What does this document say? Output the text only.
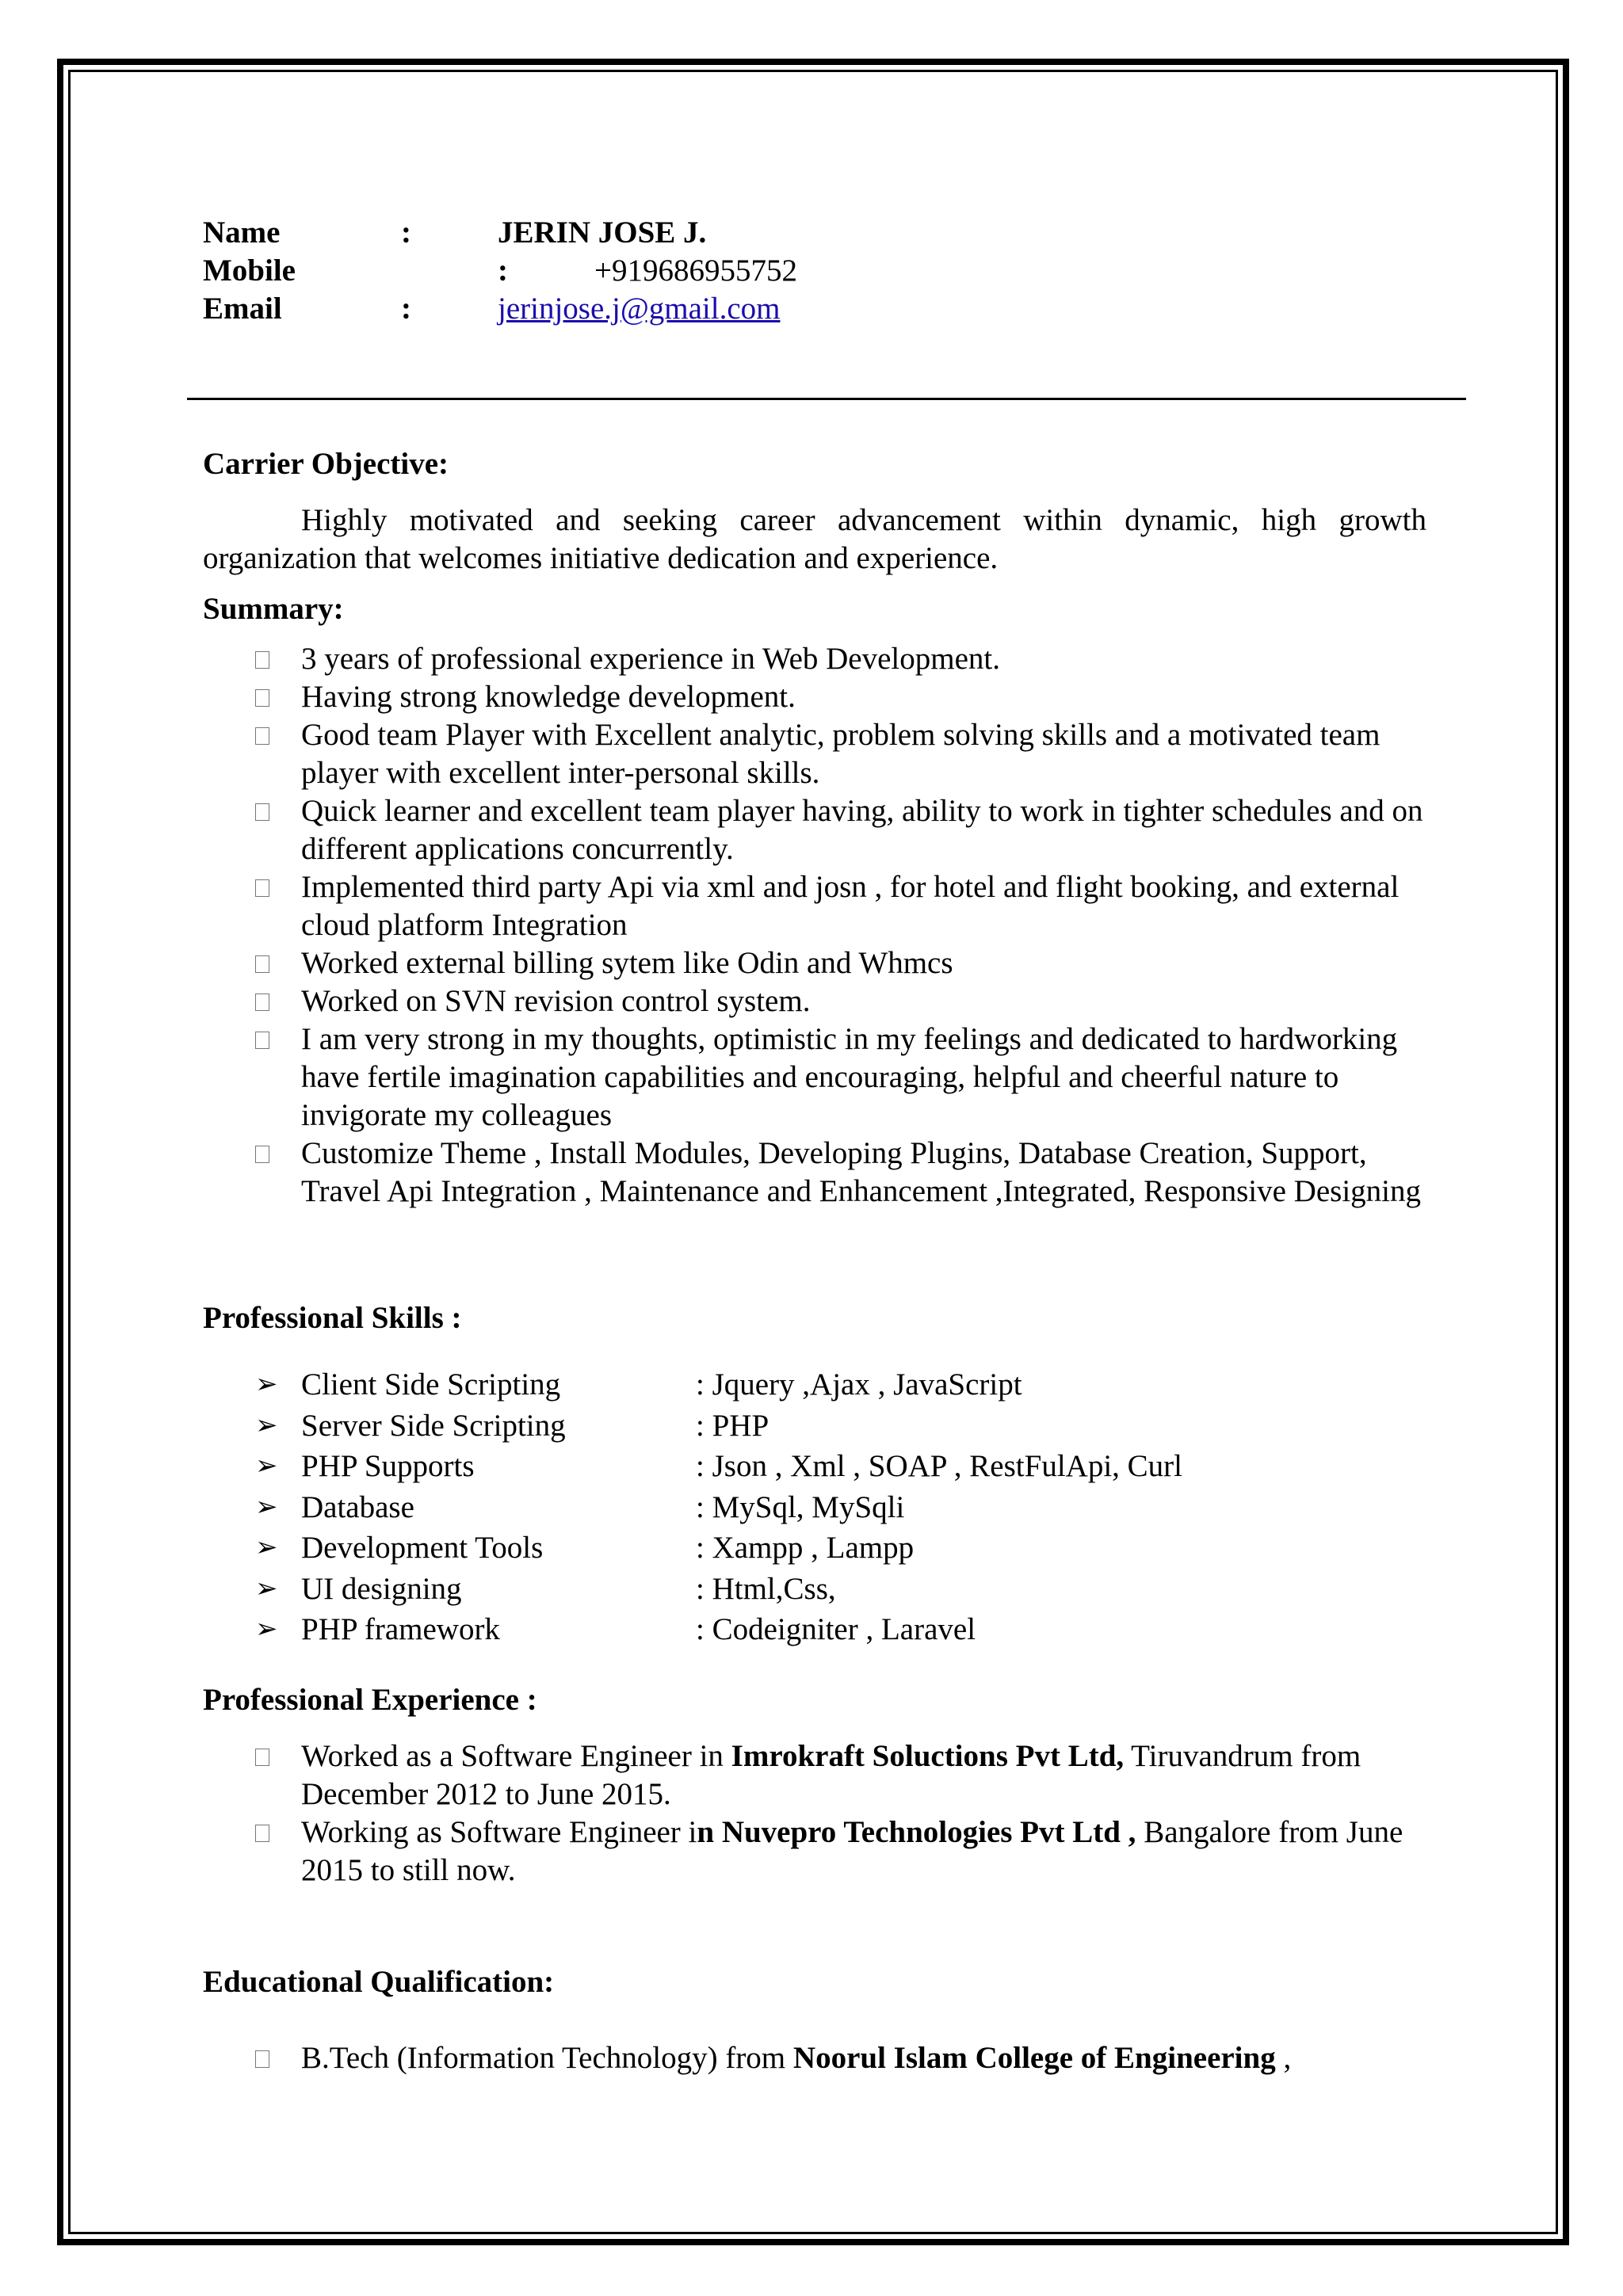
Name	:	JERIN JOSE J.
Mobile	:	+919686955752
Email	:	jerinjose.j@gmail.com
Carrier Objective:
Highly motivated and seeking career advancement within dynamic, high growth organization that welcomes initiative dedication and experience.
Summary:
3 years of professional experience in Web Development.
Having strong knowledge development.
Good team Player with Excellent analytic, problem solving skills and a motivated team player with excellent inter-personal skills.
Quick learner and excellent team player having, ability to work in tighter schedules and on different applications concurrently.
Implemented third party Api via xml and josn , for hotel and flight booking, and external cloud platform Integration
Worked external billing sytem like Odin and Whmcs
Worked on SVN revision control system.
I am very strong in my thoughts, optimistic in my feelings and dedicated to hardworking have fertile imagination capabilities and encouraging, helpful and cheerful nature to invigorate my colleagues
Customize Theme , Install Modules, Developing Plugins, Database Creation, Support, Travel Api Integration , Maintenance and Enhancement ,Integrated, Responsive Designing
Professional Skills :
➢ Client Side Scripting	: Jquery ,Ajax , JavaScript
➢ Server Side Scripting	: PHP
➢ PHP Supports	: Json , Xml , SOAP , RestFulApi, Curl
➢ Database	: MySql, MySqli
➢ Development Tools	: Xampp , Lampp
➢ UI designing	: Html,Css,
➢ PHP framework	: Codeigniter , Laravel
Professional Experience :
Worked as a Software Engineer in Imrokraft Soluctions Pvt Ltd, Tiruvandrum from December 2012 to June 2015.
Working as Software Engineer in Nuvepro Technologies Pvt Ltd , Bangalore from June 2015 to still now.
Educational Qualification:
B.Tech (Information Technology) from Noorul Islam College of Engineering ,
